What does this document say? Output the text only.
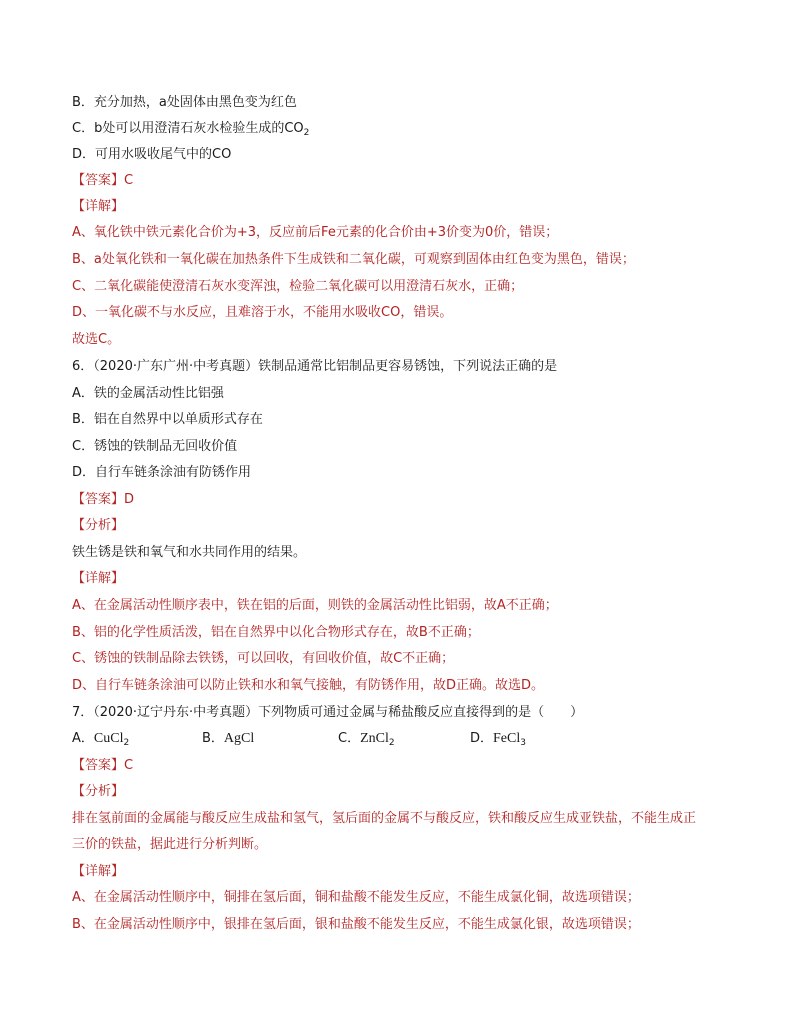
B．充分加热，a处固体由黑色变为红色
C．b处可以用澄清石灰水检验生成的$CO_2$
D．可用水吸收尾气中的CO
【答案】C
【详解】
A、氧化铁中铁元素化合价为+3，反应前后Fe元素的化合价由+3价变为0价，错误；
B、a处氧化铁和一氧化碳在加热条件下生成铁和二氧化碳，可观察到固体由红色变为黑色，错误；
C、二氧化碳能使澄清石灰水变浑浊，检验二氧化碳可以用澄清石灰水，正确；
D、一氧化碳不与水反应，且难溶于水，不能用水吸收CO，错误。
故选C。
6．（2020·广东广州·中考真题）铁制品通常比铝制品更容易锈蚀，下列说法正确的是
A．铁的金属活动性比铝强
B．铝在自然界中以单质形式存在
C．锈蚀的铁制品无回收价值
D．自行车链条涂油有防锈作用
【答案】D
【分析】
铁生锈是铁和氧气和水共同作用的结果。
【详解】
A、在金属活动性顺序表中，铁在铝的后面，则铁的金属活动性比铝弱，故A不正确；
B、铝的化学性质活泼，铝在自然界中以化合物形式存在，故B不正确；
C、锈蚀的铁制品除去铁锈，可以回收，有回收价值，故C不正确；
D、自行车链条涂油可以防止铁和水和氧气接触，有防锈作用，故D正确。故选D。
7．（2020·辽宁丹东·中考真题）下列物质可通过金属与稀盐酸反应直接得到的是（　　）
A．CuCl$_2$	B．AgCl	C．ZnCl$_2$	D．FeCl$_3$
【答案】C
【分析】
排在氢前面的金属能与酸反应生成盐和氢气，氢后面的金属不与酸反应，铁和酸反应生成亚铁盐，不能生成正
三价的铁盐，据此进行分析判断。
【详解】
A、在金属活动性顺序中，铜排在氢后面，铜和盐酸不能发生反应，不能生成氯化铜，故选项错误；
B、在金属活动性顺序中，银排在氢后面，银和盐酸不能发生反应，不能生成氯化银，故选项错误；
